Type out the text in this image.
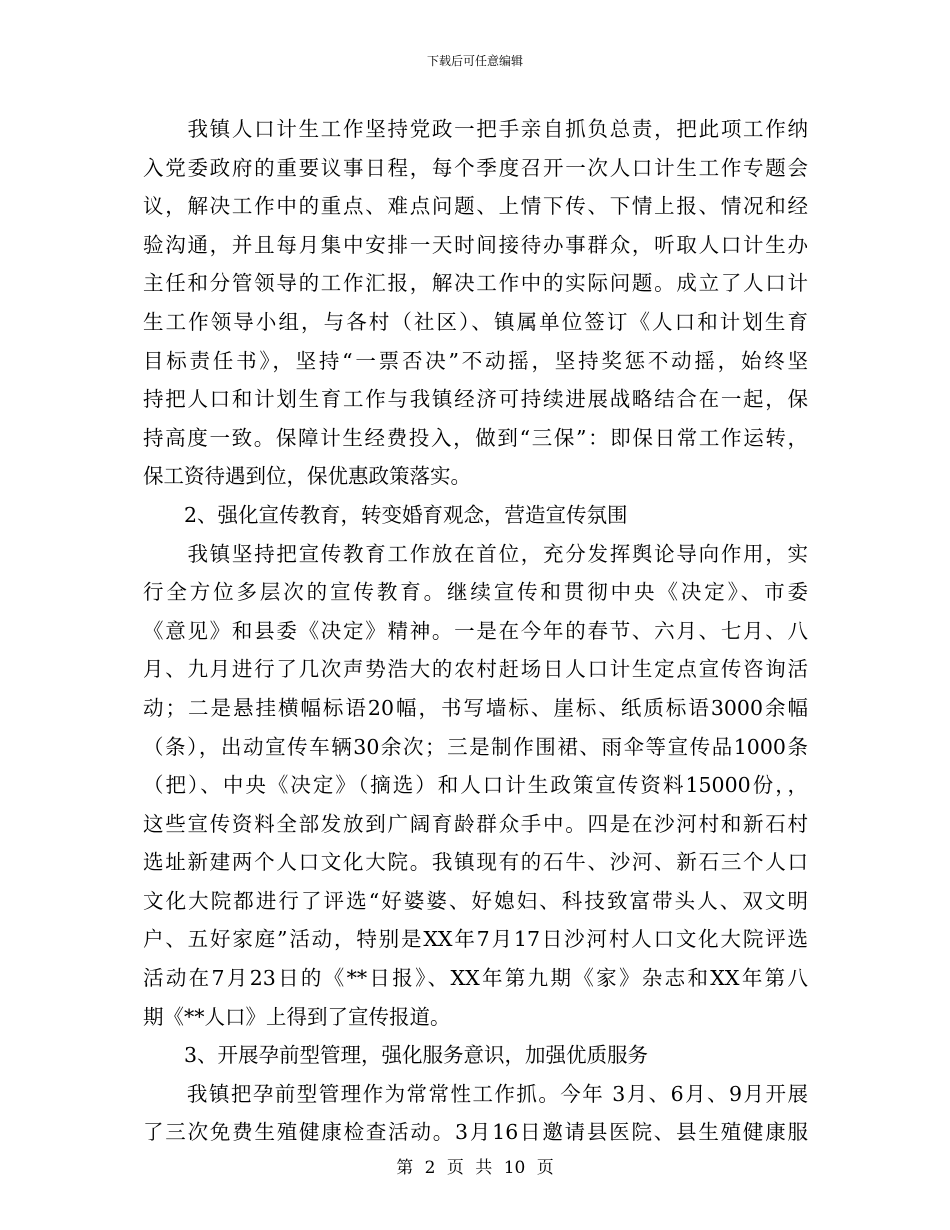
下载后可任意编辑
　　我镇人口计生工作坚持党政一把手亲自抓负总责，把此项工作纳
入党委政府的重要议事日程，每个季度召开一次人口计生工作专题会
议，解决工作中的重点、难点问题、上情下传、下情上报、情况和经
验沟通，并且每月集中安排一天时间接待办事群众，听取人口计生办
主任和分管领导的工作汇报，解决工作中的实际问题。成立了人口计
生工作领导小组，与各村（社区）、镇属单位签订《人口和计划生育
目标责任书》，坚持“一票否决”不动摇，坚持奖惩不动摇，始终坚
持把人口和计划生育工作与我镇经济可持续进展战略结合在一起，保
持高度一致。保障计生经费投入，做到“三保”：即保日常工作运转，
保工资待遇到位，保优惠政策落实。
　　2、强化宣传教育，转变婚育观念，营造宣传氛围
　　我镇坚持把宣传教育工作放在首位，充分发挥舆论导向作用，实
行全方位多层次的宣传教育。继续宣传和贯彻中央《决定》、市委
《意见》和县委《决定》精神。一是在今年的春节、六月、七月、八
月、九月进行了几次声势浩大的农村赶场日人口计生定点宣传咨询活
动；二是悬挂横幅标语20幅，书写墙标、崖标、纸质标语3000余幅
（条），出动宣传车辆30余次；三是制作围裙、雨伞等宣传品1000条
（把）、中央《决定》（摘选）和人口计生政策宣传资料15000份，，
这些宣传资料全部发放到广阔育龄群众手中。四是在沙河村和新石村
选址新建两个人口文化大院。我镇现有的石牛、沙河、新石三个人口
文化大院都进行了评选“好婆婆、好媳妇、科技致富带头人、双文明
户、五好家庭”活动，特别是XX年7月17日沙河村人口文化大院评选
活动在7月23日的《**日报》、XX年第九期《家》杂志和XX年第八
期《**人口》上得到了宣传报道。
　　3、开展孕前型管理，强化服务意识，加强优质服务
　　我镇把孕前型管理作为常常性工作抓。今年 3月、6月、9月开展
了三次免费生殖健康检查活动。3月16日邀请县医院、县生殖健康服
第 2 页 共 10 页
